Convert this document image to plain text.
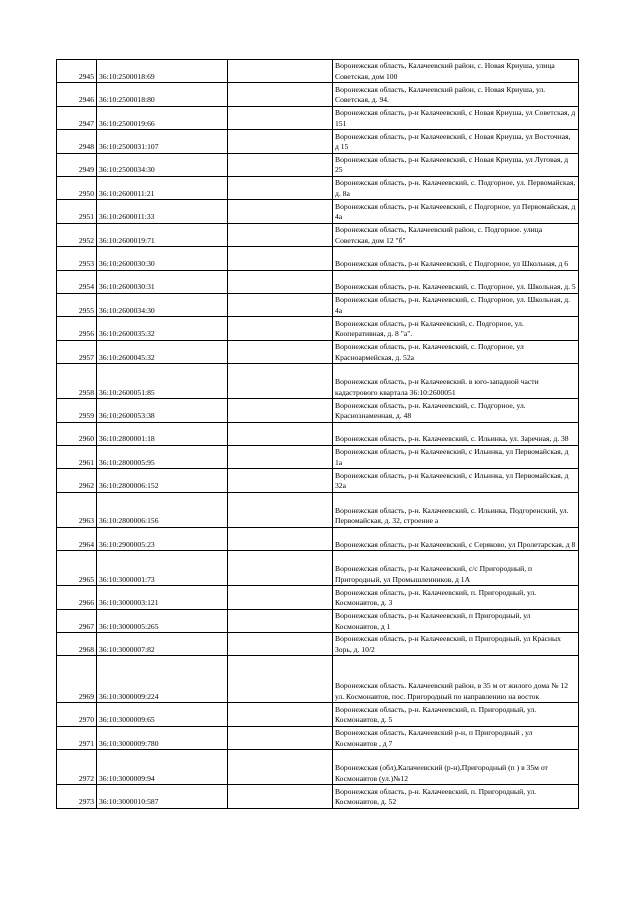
2945	36:10:2500018:69		Воронежская область, Калачеевский район, с. Новая Криуша, улица Советская, дом 100

2946	36:10:2500018:80		Воронежская область, Калачеевский район, с. Новая Криуша, ул. Советская, д. 94.

2947	36:10:2500019:66		Воронежская область, р-н Калачеевский, с Новая Криуша, ул Советская, д 151

2948	36:10:2500031:107		Воронежская область, р-н Калачеевский, с Новая Криуша, ул Восточная, д 15

2949	36:10:2500034:30		Воронежская область, р-н Калачеевский, с Новая Криуша, ул Луговая, д 25

2950	36:10:2600011:21		Воронежская область, р-н. Калачеевский, с. Подгорное, ул. Первомайская, д. 8а

2951	36:10:2600011:33		Воронежская область, р-н Калачеевский, с Подгорное, ул Первомайская, д 4а

2952	36:10:2600019:71		Воронежская область, Калачеевский район, с. Подгорное. улица Советская, дом 12 "б"

2953	36:10:2600030:30		Воронежская область, р-н Калачеевский, с Подгорное, ул Школьная, д 6

2954	36:10:2600030:31		Воронежская область, р-н. Калачеевский, с. Подгорное, ул. Школьная, д. 5

2955	36:10:2600034:30		Воронежская область, р-н. Калачеевский, с. Подгорное, ул. Школьная, д. 4а

2956	36:10:2600035:32		Воронежская область, р-н Калачеевский, с. Подгорное, ул. Кооперативная, д. 8 "а".

2957	36:10:2600045:32		Воронежская область, р-н. Калачеевский, с. Подгорное, ул Красноармейская, д. 52а

2958	36:10:2600051:85		Воронежская область, р-н Калачеевский. в юго-западной части кадастрового квартала 36:10:2600051

2959	36:10:2600053:38		Воронежская область, р-н. Калачеевский, с. Подгорное, ул. Краснознаменная, д. 48

2960	36:10:2800001:18		Воронежская область, р-н. Калачеевский, с. Ильинка, ул. Заречная, д. 38

2961	36:10:2800005:95		Воронежская область, р-н Калачеевский, с Ильинка, ул Первомайская, д 1а

2962	36:10:2800006:152		Воронежская область, р-н Калачеевский, с Ильинка, ул Первомайская, д 32а

2963	36:10:2800006:156		Воронежская область, р-н. Калачеевский, с. Ильинка, Подгоренский, ул. Первомайская, д. 32, строение а

2964	36:10:2900005:23		Воронежская область, р-н Калачеевский, с Серяково, ул Пролетарская, д 8

2965	36:10:3000001:73		Воронежская область, р-н Калачеевский, с/с Пригородный, п Пригородный, ул Промышленников, д 1А

2966	36:10:3000003:121		Воронежская область, р-н. Калачеевский, п. Пригородный, ул. Космонавтов, д. 3

2967	36:10:3000005:265		Воронежская область, р-н Калачеевский, п Пригородный, ул Космонавтов, д 1

2968	36:10:3000007:82		Воронежская область, р-н Калачеевский, п Пригородный, ул Красных Зорь, д. 10/2

2969	36:10:3000009:224		Воронежская область. Калачеевский район, в 35 м от жилого дома № 12 ул. Космонавтов, пос. Пригородный по направлению на восток

2970	36:10:3000009:65		Воронежская область, р-н. Калачеевский, п. Пригородный, ул. Космонавтов, д. 5

2971	36:10:3000009:780		Воронежская область, Калачеевский р-н, п Пригородный , ул Космонавтов , д 7

2972	36:10:3000009:94		Воронежская (обл),Калачеевский (р-н),Пригородный (п ) в 35м от Космонавтов (ул.)№12

2973	36:10:3000010:587		Воронежская область, р-н. Калачеевский, п. Пригородный, ул. Космонавтов, д. 52
